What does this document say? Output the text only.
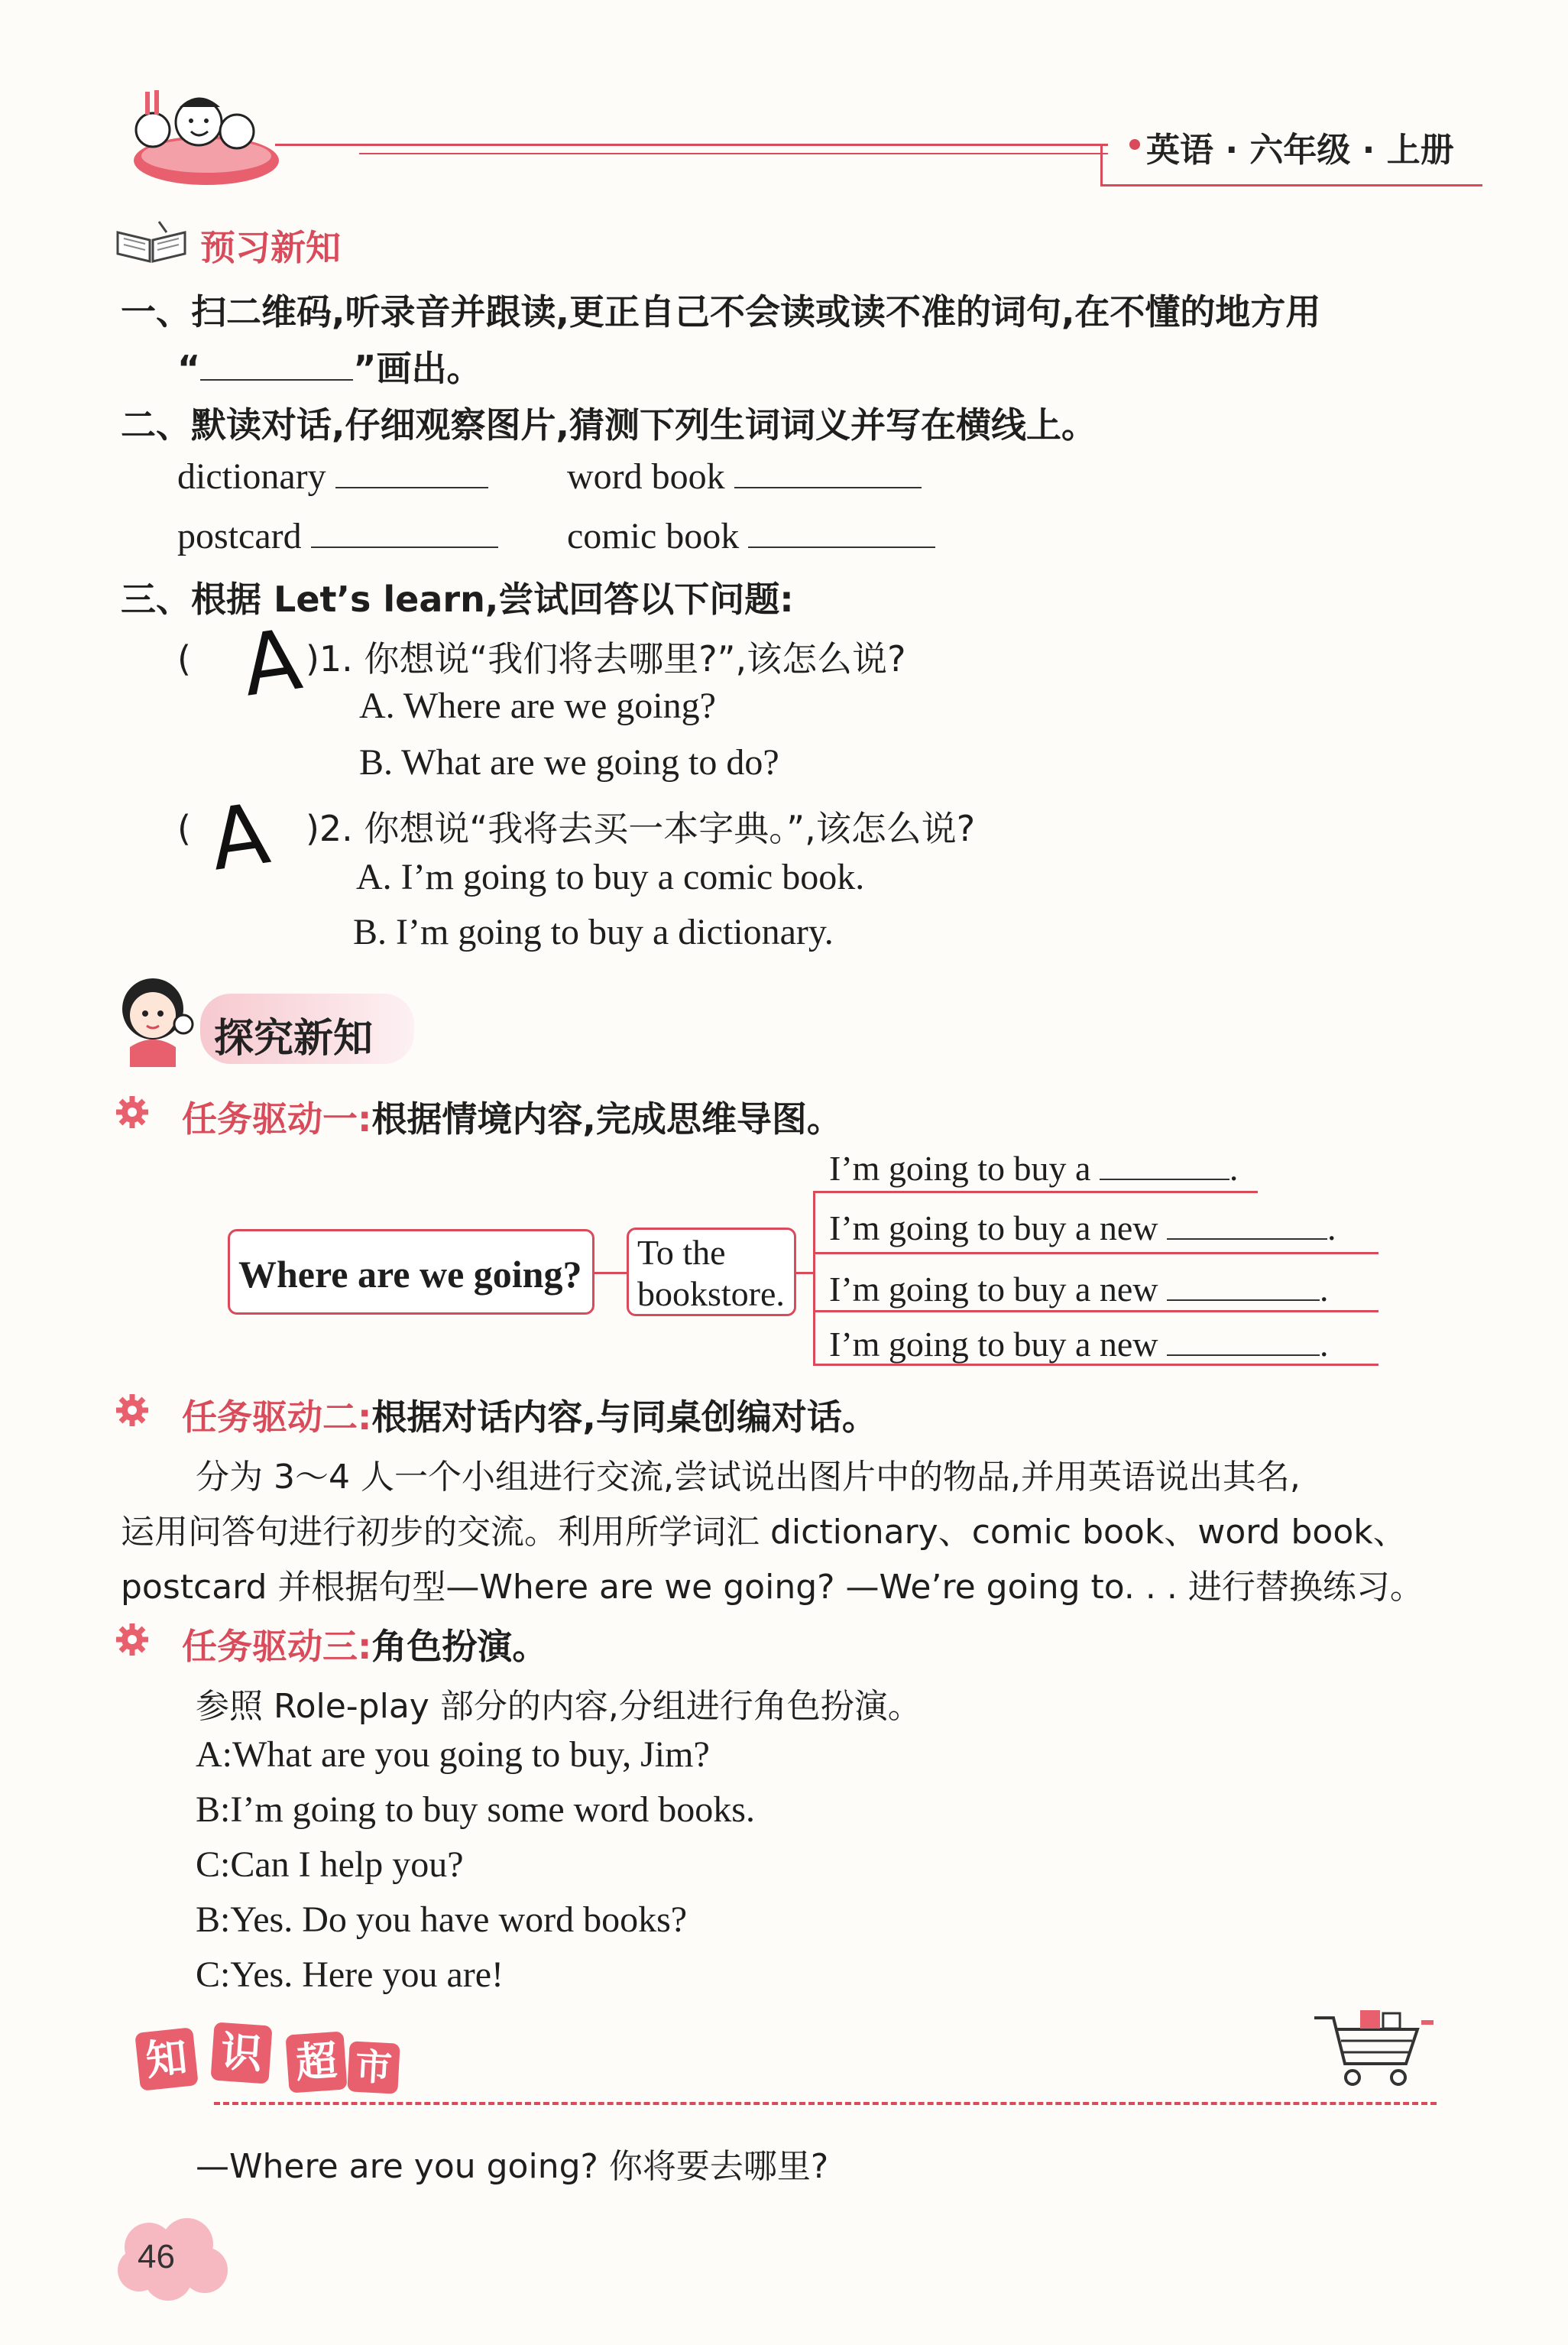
英语 · 六年级 · 上册
预习新知
一、扫二维码,听录音并跟读,更正自己不会读或读不准的词句,在不懂的地方用
“	”画出。
二、默读对话,仔细观察图片,猜测下列生词词义并写在横线上。
dictionary	word book
postcard	comic book
三、根据 Let’s learn,尝试回答以下问题:
(	)1. 你想说“我们将去哪里?”,该怎么说?
A A. Where are we going?
B. What are we going to do?
(	)2. 你想说“我将去买一本字典。”,该怎么说?
A A. I’m going to buy a comic book.
B. I’m going to buy a dictionary.
探究新知
任务驱动一:根据情境内容,完成思维导图。
Where are we going?
To the
bookstore.
I’m going to buy a	.
I’m going to buy a new	.
I’m going to buy a new	.
I’m going to buy a new	.
任务驱动二:根据对话内容,与同桌创编对话。
分为 3～4 人一个小组进行交流,尝试说出图片中的物品,并用英语说出其名,
运用问答句进行初步的交流。利用所学词汇 dictionary、comic book、word book、
postcard 并根据句型—Where are we going? —We’re going to. . . 进行替换练习。
任务驱动三:角色扮演。
参照 Role-play 部分的内容,分组进行角色扮演。
A:What are you going to buy, Jim?
B:I’m going to buy some word books.
C:Can I help you?
B:Yes. Do you have word books?
C:Yes. Here you are!
知 识 超 市
—Where are you going? 你将要去哪里?
46
